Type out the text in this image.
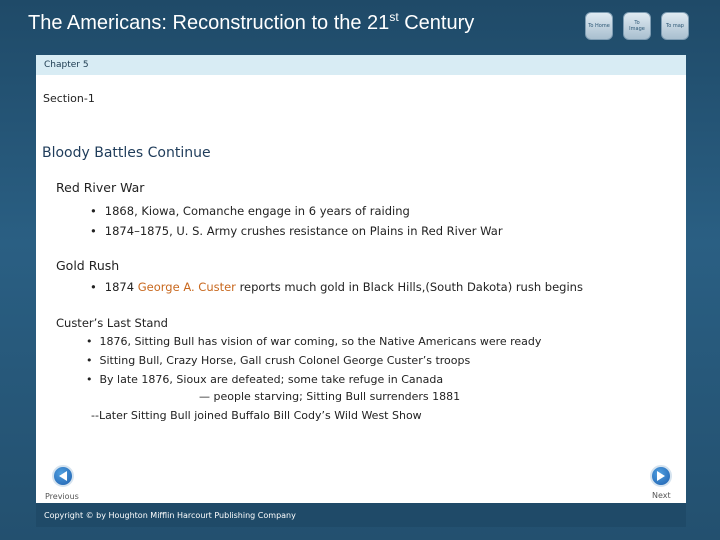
The Americans: Reconstruction to the 21st Century	To Home	To Image	To map
Chapter 5
Section-1
Bloody Battles Continue
Red River War
• 1868, Kiowa, Comanche engage in 6 years of raiding
• 1874–1875, U. S. Army crushes resistance on Plains in Red River War
Gold Rush
• 1874 George A. Custer reports much gold in Black Hills,(South Dakota) rush begins
Custer’s Last Stand
• 1876, Sitting Bull has vision of war coming, so the Native Americans were ready
• Sitting Bull, Crazy Horse, Gall crush Colonel George Custer’s troops
• By late 1876, Sioux are defeated; some take refuge in Canada
— people starving; Sitting Bull surrenders 1881
--Later Sitting Bull joined Buffalo Bill Cody’s Wild West Show
Previous	Next
Copyright © by Houghton Mifflin Harcourt Publishing Company
